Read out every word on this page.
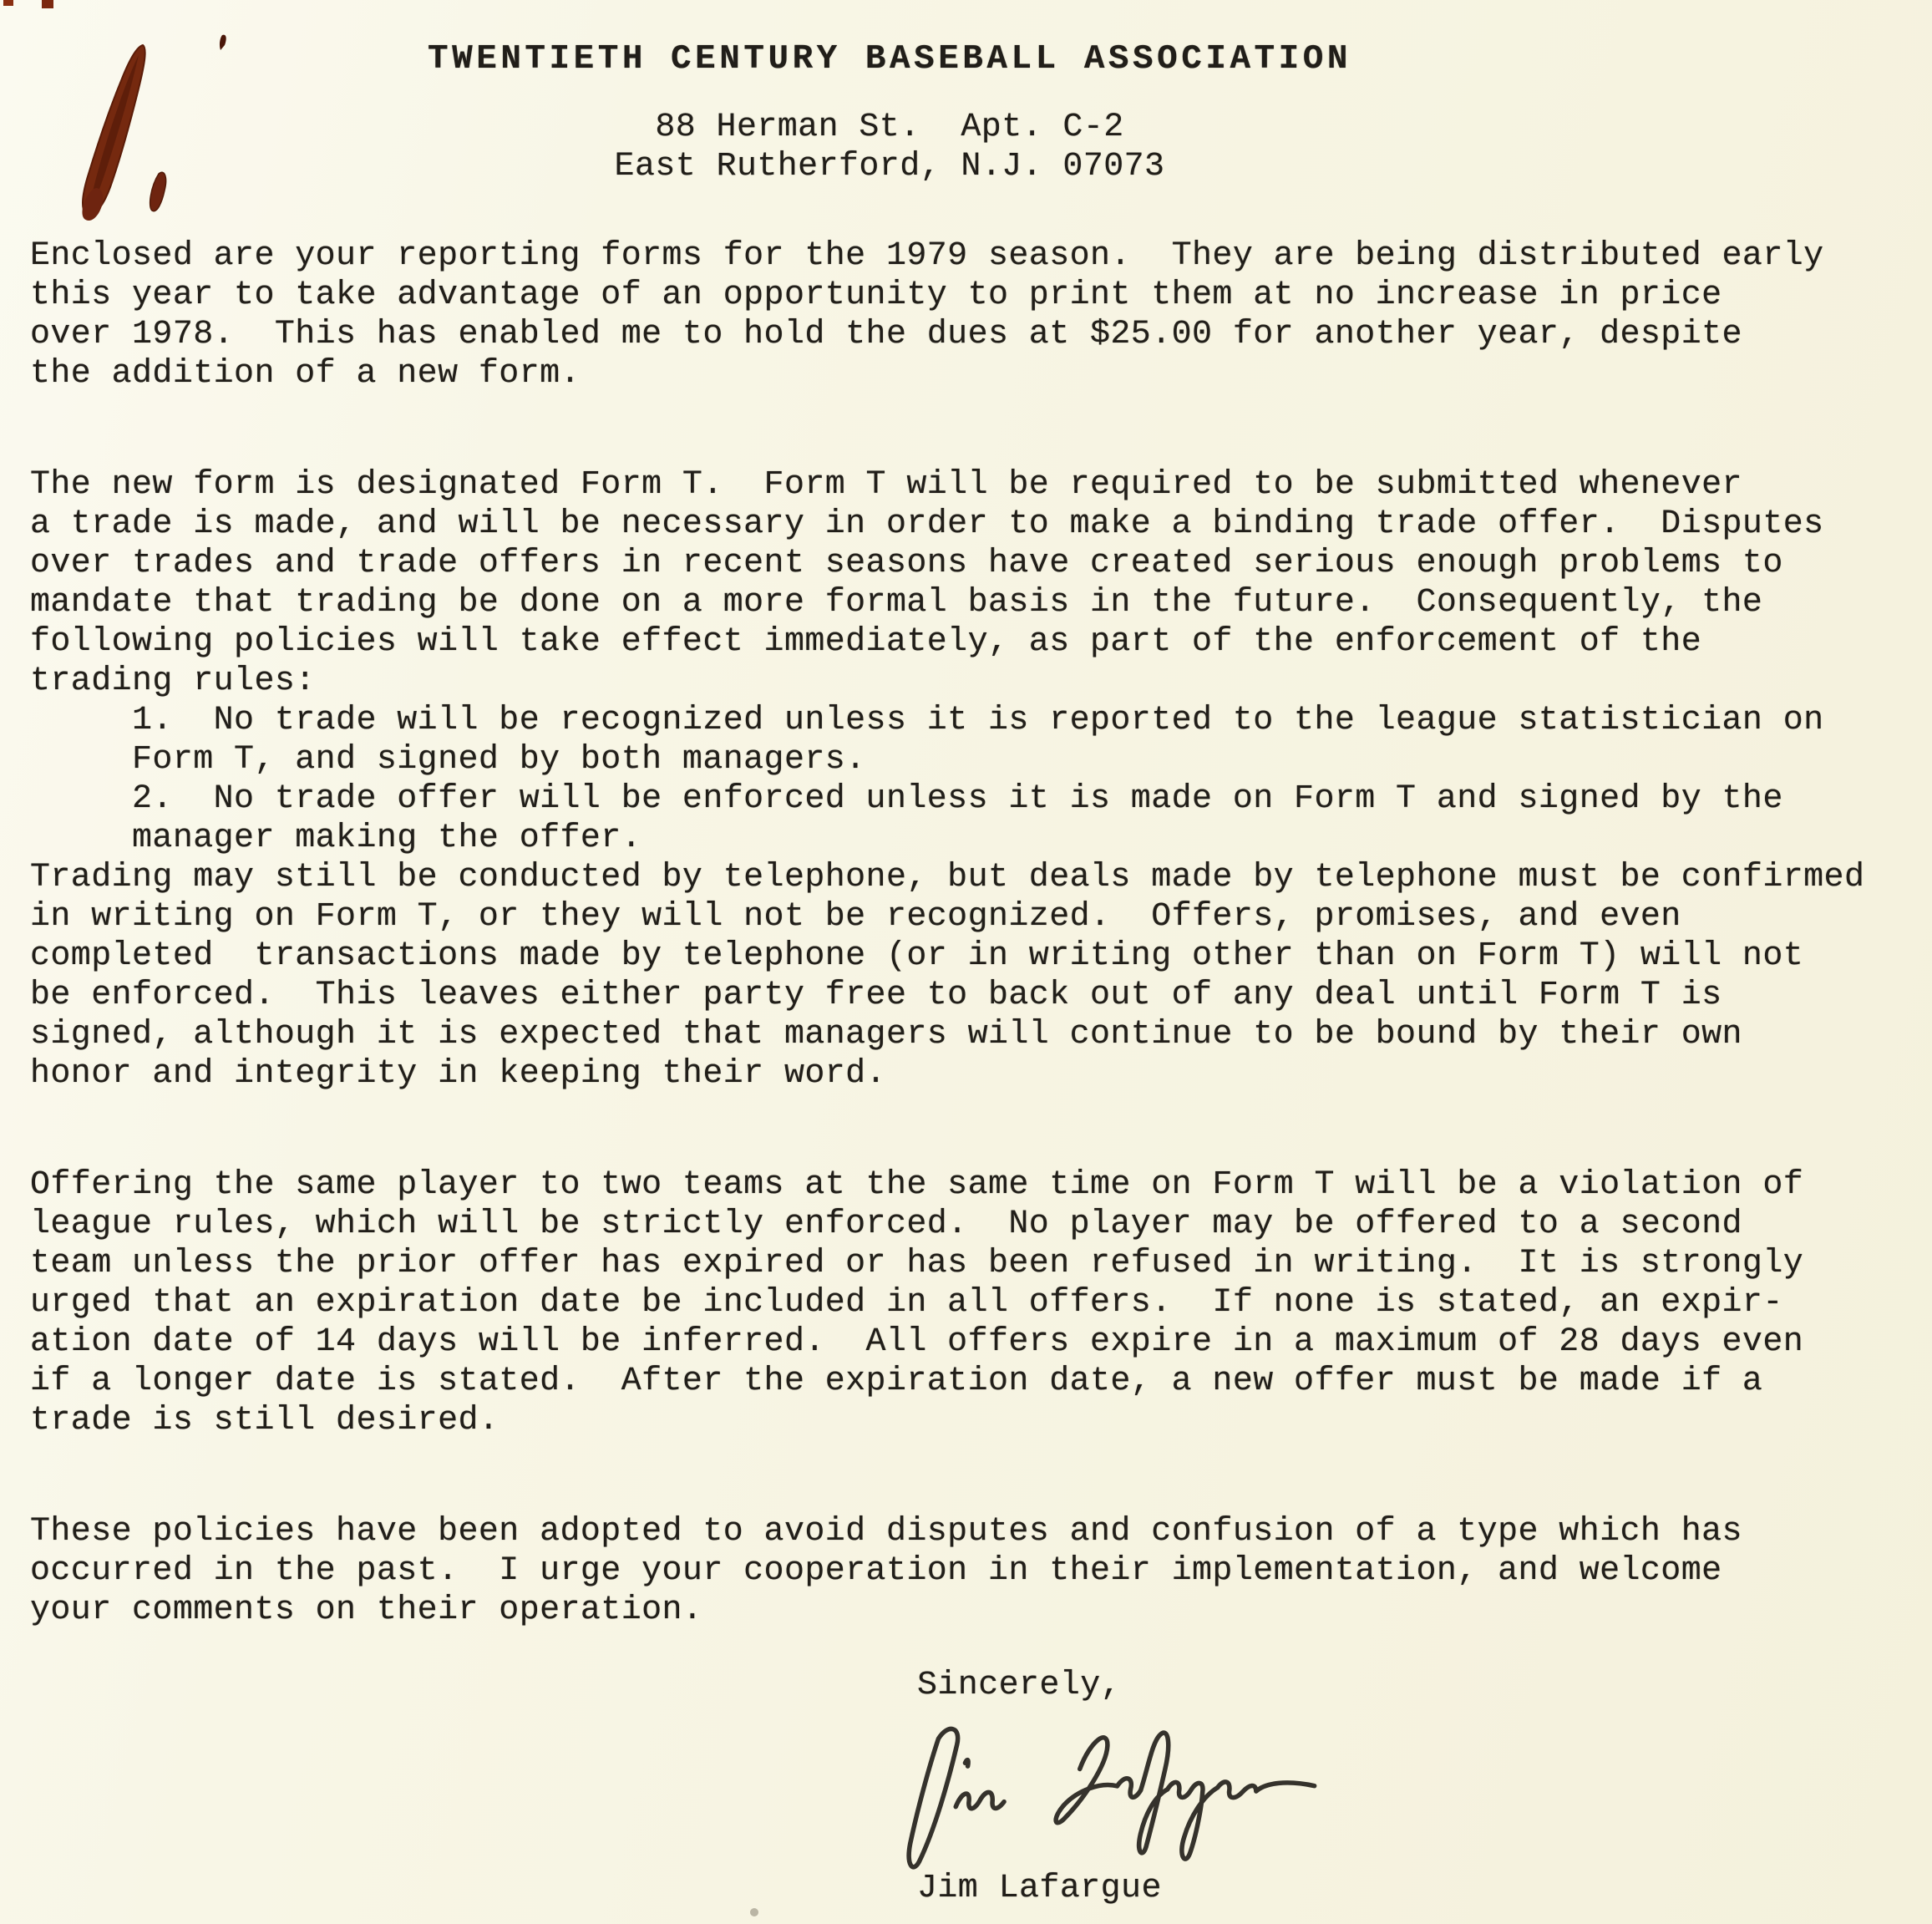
TWENTIETH CENTURY BASEBALL ASSOCIATION
88 Herman St.  Apt. C-2
East Rutherford, N.J. 07073
Enclosed are your reporting forms for the 1979 season.  They are being distributed early
this year to take advantage of an opportunity to print them at no increase in price
over 1978.  This has enabled me to hold the dues at $25.00 for another year, despite
the addition of a new form.
The new form is designated Form T.  Form T will be required to be submitted whenever
a trade is made, and will be necessary in order to make a binding trade offer.  Disputes
over trades and trade offers in recent seasons have created serious enough problems to
mandate that trading be done on a more formal basis in the future.  Consequently, the
following policies will take effect immediately, as part of the enforcement of the
trading rules:
1.  No trade will be recognized unless it is reported to the league statistician on
Form T, and signed by both managers.
2.  No trade offer will be enforced unless it is made on Form T and signed by the
manager making the offer.
Trading may still be conducted by telephone, but deals made by telephone must be confirmed
in writing on Form T, or they will not be recognized.  Offers, promises, and even
completed  transactions made by telephone (or in writing other than on Form T) will not
be enforced.  This leaves either party free to back out of any deal until Form T is
signed, although it is expected that managers will continue to be bound by their own
honor and integrity in keeping their word.
Offering the same player to two teams at the same time on Form T will be a violation of
league rules, which will be strictly enforced.  No player may be offered to a second
team unless the prior offer has expired or has been refused in writing.  It is strongly
urged that an expiration date be included in all offers.  If none is stated, an expir-
ation date of 14 days will be inferred.  All offers expire in a maximum of 28 days even
if a longer date is stated.  After the expiration date, a new offer must be made if a
trade is still desired.
These policies have been adopted to avoid disputes and confusion of a type which has
occurred in the past.  I urge your cooperation in their implementation, and welcome
your comments on their operation.
Sincerely,
Jim Lafargue
